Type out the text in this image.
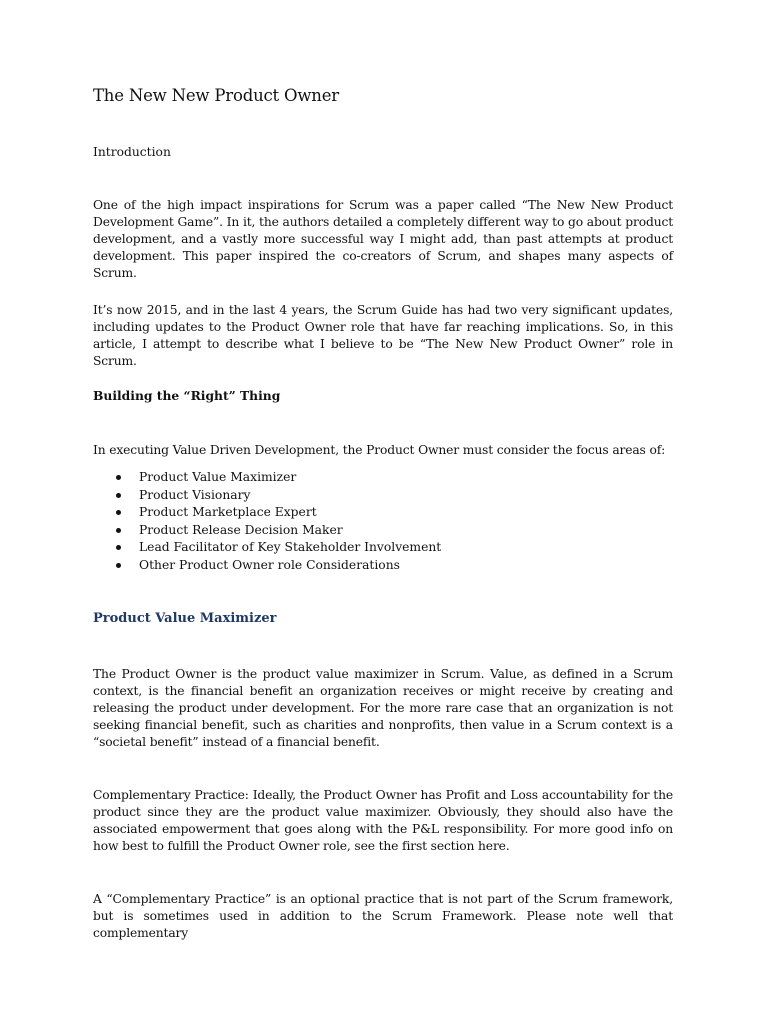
The New New Product Owner
Introduction

One of the high impact inspirations for Scrum was a paper called “The New New Product Development Game”. In it, the authors detailed a completely different way to go about product development, and a vastly more successful way I might add, than past attempts at product development. This paper inspired the co-creators of Scrum, and shapes many aspects of Scrum.

It’s now 2015, and in the last 4 years, the Scrum Guide has had two very significant updates, including updates to the Product Owner role that have far reaching implications. So, in this article, I attempt to describe what I believe to be “The New New Product Owner” role in Scrum.

Building the “Right” Thing

In executing Value Driven Development, the Product Owner must consider the focus areas of:

Product Value Maximizer
Product Visionary
Product Marketplace Expert
Product Release Decision Maker
Lead Facilitator of Key Stakeholder Involvement
Other Product Owner role Considerations
Product Value Maximizer

The Product Owner is the product value maximizer in Scrum. Value, as defined in a Scrum context, is the financial benefit an organization receives or might receive by creating and releasing the product under development. For the more rare case that an organization is not seeking financial benefit, such as charities and nonprofits, then value in a Scrum context is a “societal benefit” instead of a financial benefit.

Complementary Practice: Ideally, the Product Owner has Profit and Loss accountability for the product since they are the product value maximizer. Obviously, they should also have the associated empowerment that goes along with the P&L responsibility. For more good info on how best to fulfill the Product Owner role, see the first section here.

A “Complementary Practice” is an optional practice that is not part of the Scrum framework, but is sometimes used in addition to the Scrum Framework. Please note well that complementary
